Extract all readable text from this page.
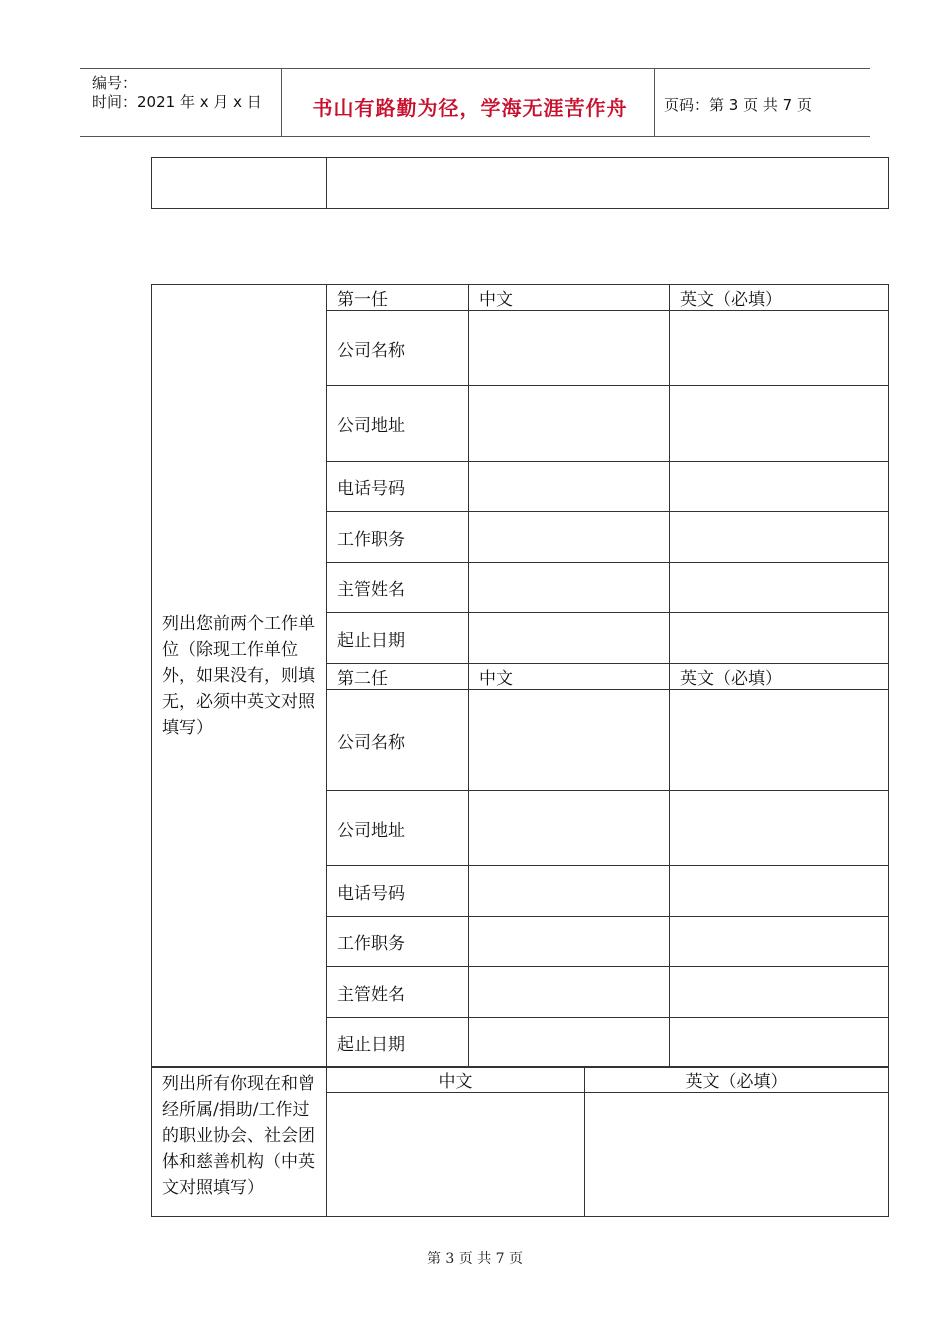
编号：
时间：2021 年 x 月 x 日	书山有路勤为径，学海无涯苦作舟	页码：第 3 页 共 7 页

列出您前两个工作单位（除现工作单位外，如果没有，则填无，必须中英文对照填写）	第一任	中文	英文（必填）
	公司名称		
	公司地址		
	电话号码		
	工作职务		
	主管姓名		
	起止日期		
	第二任	中文	英文（必填）
	公司名称		
	公司地址		
	电话号码		
	工作职务		
	主管姓名		
	起止日期		
列出所有你现在和曾经所属/捐助/工作过的职业协会、社会团体和慈善机构（中英文对照填写）	中文	英文（必填）

第 3 页 共 7 页
